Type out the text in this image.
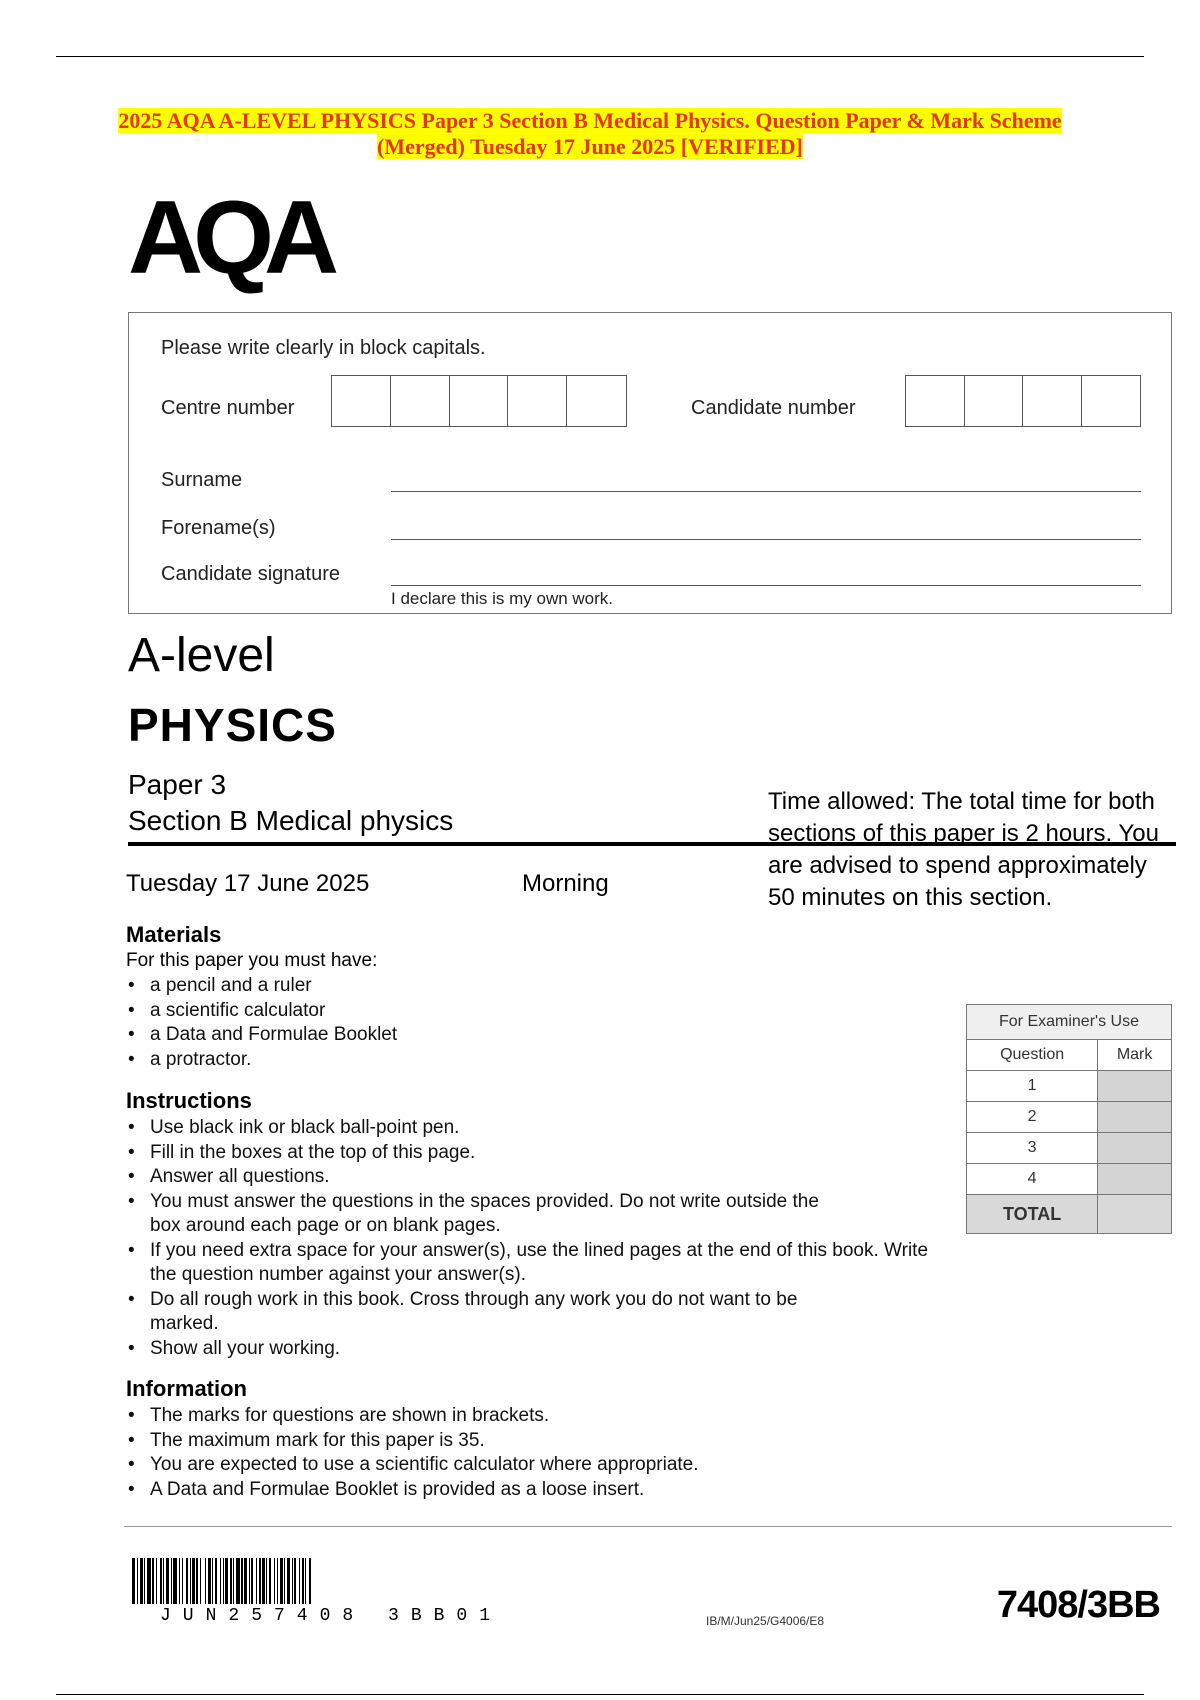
2025 AQA A-LEVEL PHYSICS Paper 3 Section B Medical Physics. Question Paper & Mark Scheme (Merged) Tuesday 17 June 2025 [VERIFIED]
AQA
Please write clearly in block capitals.
Centre number	Candidate number
Surname
Forename(s)
Candidate signature
I declare this is my own work.
A-level
PHYSICS
Paper 3
Section B Medical physics
Time allowed: The total time for both sections of this paper is 2 hours. You are advised to spend approximately 50 minutes on this section.
Tuesday 17 June 2025	Morning
Materials
For this paper you must have:
• a pencil and a ruler
• a scientific calculator
• a Data and Formulae Booklet
• a protractor.
Instructions
• Use black ink or black ball-point pen.
• Fill in the boxes at the top of this page.
• Answer all questions.
• You must answer the questions in the spaces provided. Do not write outside the box around each page or on blank pages.
• If you need extra space for your answer(s), use the lined pages at the end of this book. Write the question number against your answer(s).
• Do all rough work in this book. Cross through any work you do not want to be marked.
• Show all your working.
Information
• The marks for questions are shown in brackets.
• The maximum mark for this paper is 35.
• You are expected to use a scientific calculator where appropriate.
• A Data and Formulae Booklet is provided as a loose insert.
For Examiner's Use	
Question	Mark
1	
2	
3	
4	
TOTAL	
JUN257408 3BB01	IB/M/Jun25/G4006/E8	7408/3BB
